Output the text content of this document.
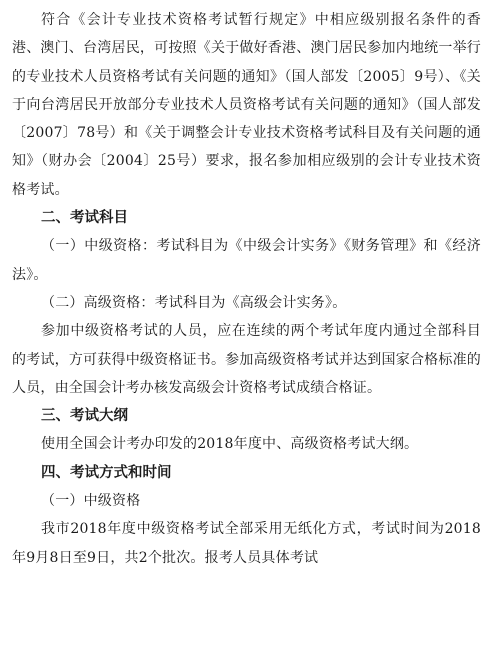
符合《会计专业技术资格考试暂行规定》中相应级别报名条件的香港、澳门、台湾居民，可按照《关于做好香港、澳门居民参加内地统一举行的专业技术人员资格考试有关问题的通知》（国人部发〔2005〕9号）、《关于向台湾居民开放部分专业技术人员资格考试有关问题的通知》（国人部发〔2007〕78号）和《关于调整会计专业技术资格考试科目及有关问题的通知》（财办会〔2004〕25号）要求，报名参加相应级别的会计专业技术资格考试。

二、考试科目

（一）中级资格：考试科目为《中级会计实务》《财务管理》和《经济法》。

（二）高级资格：考试科目为《高级会计实务》。

参加中级资格考试的人员，应在连续的两个考试年度内通过全部科目的考试，方可获得中级资格证书。参加高级资格考试并达到国家合格标准的人员，由全国会计考办核发高级会计资格考试成绩合格证。

三、考试大纲

使用全国会计考办印发的2018年度中、高级资格考试大纲。

四、考试方式和时间

（一）中级资格

我市2018年度中级资格考试全部采用无纸化方式，考试时间为2018年9月8日至9日，共2个批次。报考人员具体考试
